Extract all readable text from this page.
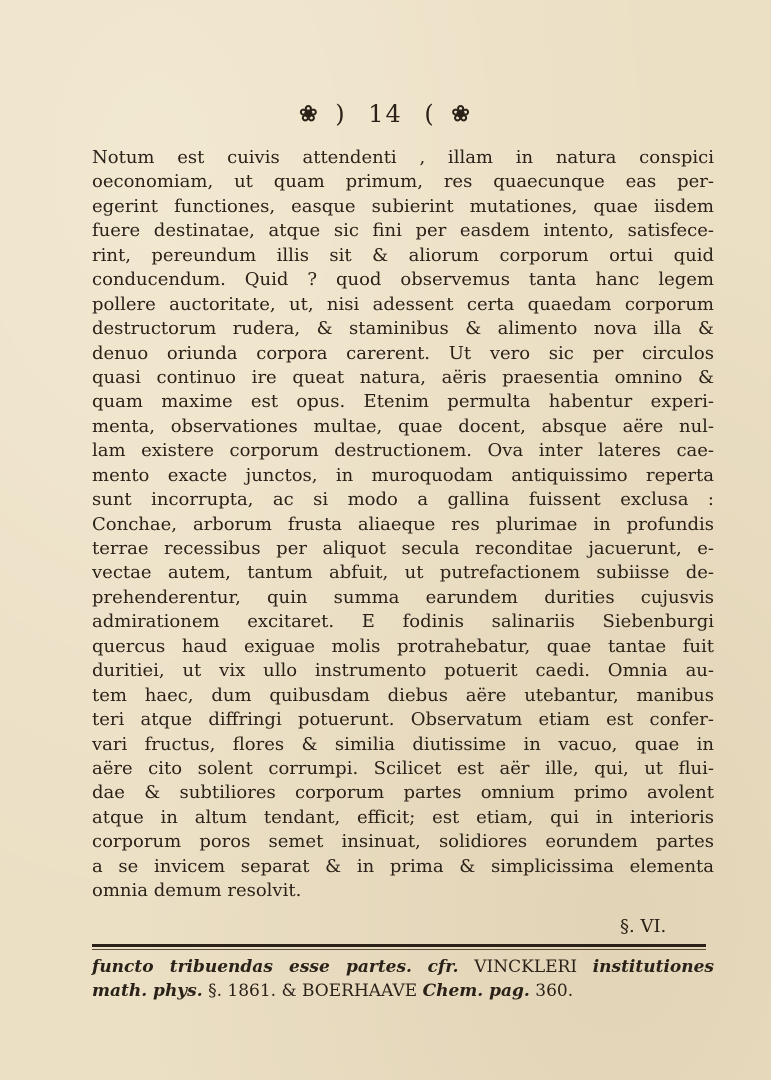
❀ ) 14 ( ❀
Notum est cuivis attendenti , illam in natura conspici
oeconomiam, ut quam primum, res quaecunque eas per-
egerint functiones, easque subierint mutationes, quae iisdem
fuere destinatae, atque sic fini per easdem intento, satisfece-
rint, pereundum illis sit & aliorum corporum ortui quid
conducendum. Quid ? quod observemus tanta hanc legem
pollere auctoritate, ut, nisi adessent certa quaedam corporum
destructorum rudera, & staminibus & alimento nova illa &
denuo oriunda corpora carerent. Ut vero sic per circulos
quasi continuo ire queat natura, aëris praesentia omnino &
quam maxime est opus. Etenim permulta habentur experi-
menta, observationes multae, quae docent, absque aëre nul-
lam existere corporum destructionem. Ova inter lateres cae-
mento exacte junctos, in muroquodam antiquissimo reperta
sunt incorrupta, ac si modo a gallina fuissent exclusa :
Conchae, arborum frusta aliaeque res plurimae in profundis
terrae recessibus per aliquot secula reconditae jacuerunt, e-
vectae autem, tantum abfuit, ut putrefactionem subiisse de-
prehenderentur, quin summa earundem durities cujusvis
admirationem excitaret. E fodinis salinariis Siebenburgi
quercus haud exiguae molis protrahebatur, quae tantae fuit
duritiei, ut vix ullo instrumento potuerit caedi. Omnia au-
tem haec, dum quibusdam diebus aëre utebantur, manibus
teri atque diffringi potuerunt. Observatum etiam est confer-
vari fructus, flores & similia diutissime in vacuo, quae in
aëre cito solent corrumpi. Scilicet est aër ille, qui, ut flui-
dae & subtiliores corporum partes omnium primo avolent
atque in altum tendant, efficit; est etiam, qui in interioris
corporum poros semet insinuat, solidiores eorundem partes
a se invicem separat & in prima & simplicissima elementa
omnia demum resolvit.
§. VI.
functo tribuendas esse partes. cfr. VINCKLERI institutiones
math. phys. §. 1861. & BOERHAAVE Chem. pag. 360.
